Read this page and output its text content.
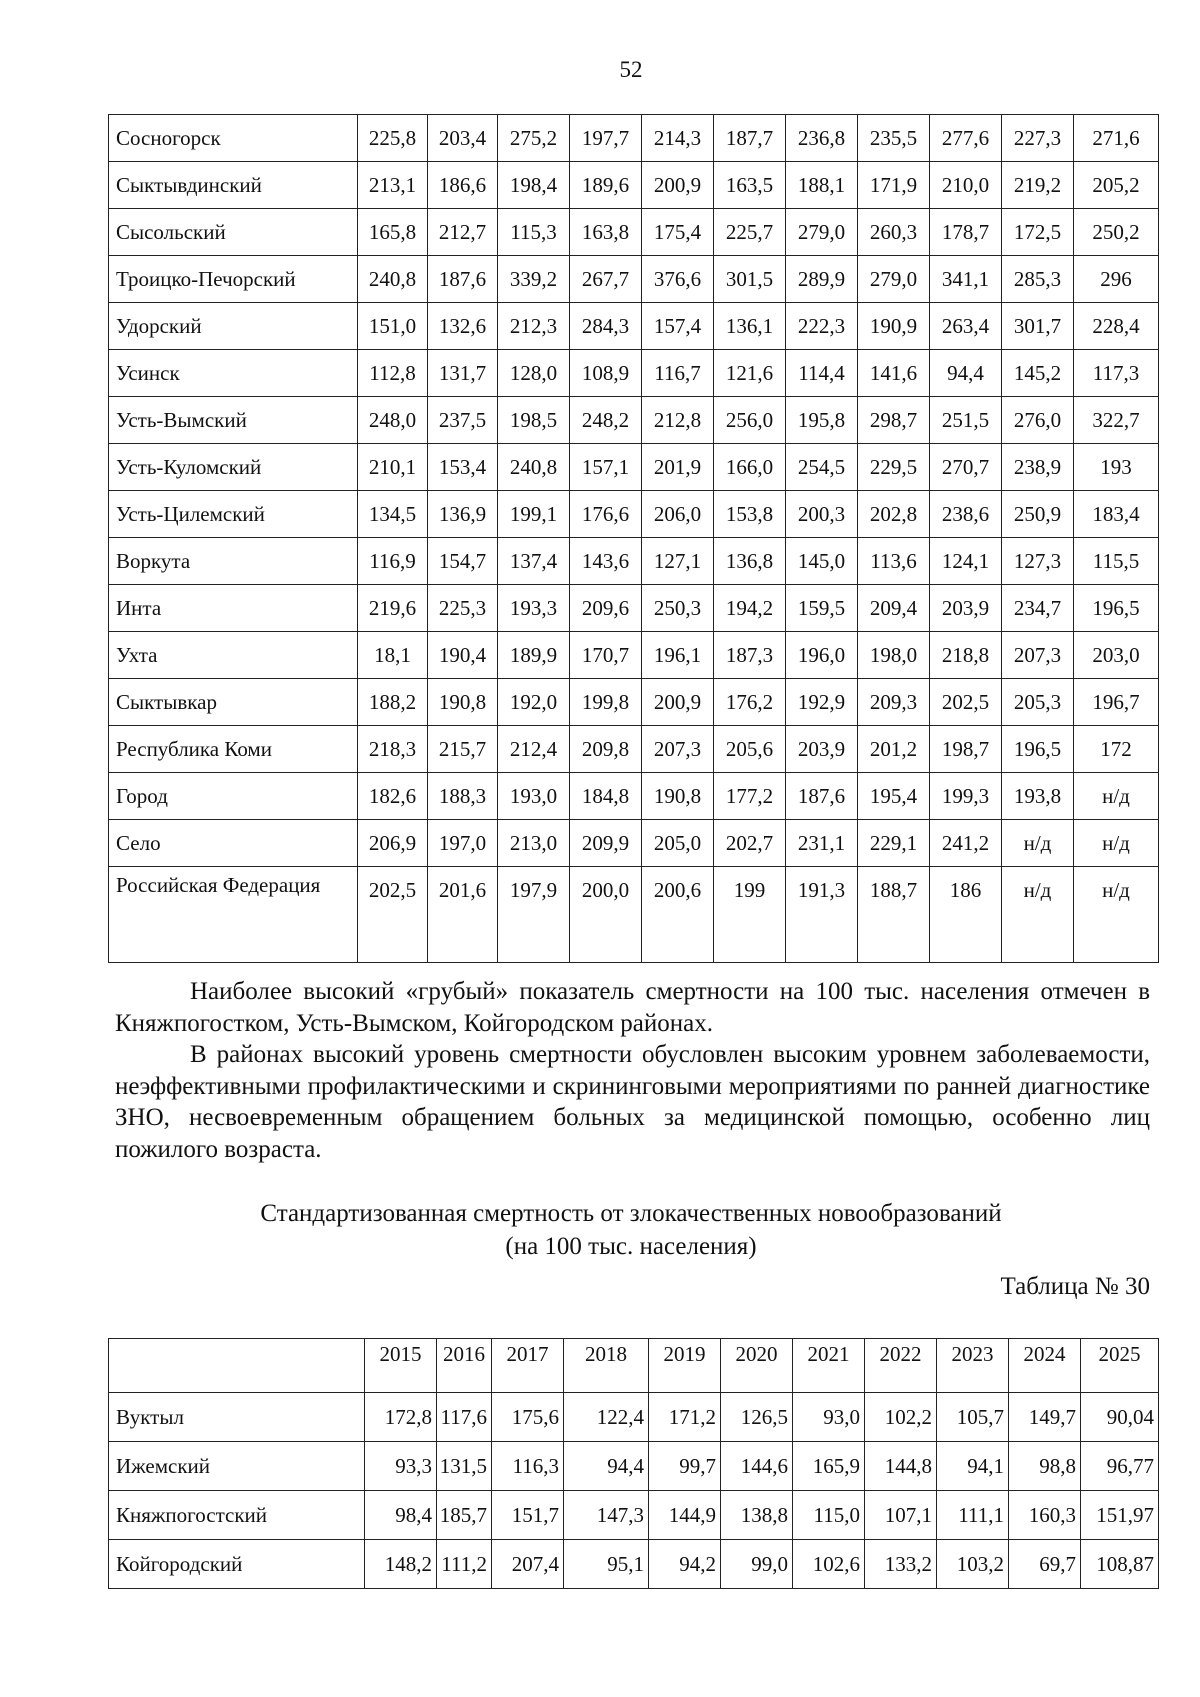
52
Сосногорск	225,8	203,4	275,2	197,7	214,3	187,7	236,8	235,5	277,6	227,3	271,6
Сыктывдинский	213,1	186,6	198,4	189,6	200,9	163,5	188,1	171,9	210,0	219,2	205,2
Сысольский	165,8	212,7	115,3	163,8	175,4	225,7	279,0	260,3	178,7	172,5	250,2
Троицко-Печорский	240,8	187,6	339,2	267,7	376,6	301,5	289,9	279,0	341,1	285,3	296
Удорский	151,0	132,6	212,3	284,3	157,4	136,1	222,3	190,9	263,4	301,7	228,4
Усинск	112,8	131,7	128,0	108,9	116,7	121,6	114,4	141,6	94,4	145,2	117,3
Усть-Вымский	248,0	237,5	198,5	248,2	212,8	256,0	195,8	298,7	251,5	276,0	322,7
Усть-Куломский	210,1	153,4	240,8	157,1	201,9	166,0	254,5	229,5	270,7	238,9	193
Усть-Цилемский	134,5	136,9	199,1	176,6	206,0	153,8	200,3	202,8	238,6	250,9	183,4
Воркута	116,9	154,7	137,4	143,6	127,1	136,8	145,0	113,6	124,1	127,3	115,5
Инта	219,6	225,3	193,3	209,6	250,3	194,2	159,5	209,4	203,9	234,7	196,5
Ухта	18,1	190,4	189,9	170,7	196,1	187,3	196,0	198,0	218,8	207,3	203,0
Сыктывкар	188,2	190,8	192,0	199,8	200,9	176,2	192,9	209,3	202,5	205,3	196,7
Республика Коми	218,3	215,7	212,4	209,8	207,3	205,6	203,9	201,2	198,7	196,5	172
Город	182,6	188,3	193,0	184,8	190,8	177,2	187,6	195,4	199,3	193,8	н/д
Село	206,9	197,0	213,0	209,9	205,0	202,7	231,1	229,1	241,2	н/д	н/д
Российская Федерация	202,5	201,6	197,9	200,0	200,6	199	191,3	188,7	186	н/д	н/д
Наиболее высокий «грубый» показатель смертности на 100 тыс. населения отмечен в Княжпогостком, Усть-Вымском, Койгородском районах.
В районах высокий уровень смертности обусловлен высоким уровнем заболеваемости, неэффективными профилактическими и скрининговыми мероприятиями по ранней диагностике ЗНО, несвоевременным обращением больных за медицинской помощью, особенно лиц пожилого возраста.
Стандартизованная смертность от злокачественных новообразований
(на 100 тыс. населения)
Таблица № 30
	2015	2016	2017	2018	2019	2020	2021	2022	2023	2024	2025
Вуктыл	172,8	117,6	175,6	122,4	171,2	126,5	93,0	102,2	105,7	149,7	90,04
Ижемский	93,3	131,5	116,3	94,4	99,7	144,6	165,9	144,8	94,1	98,8	96,77
Княжпогостский	98,4	185,7	151,7	147,3	144,9	138,8	115,0	107,1	111,1	160,3	151,97
Койгородский	148,2	111,2	207,4	95,1	94,2	99,0	102,6	133,2	103,2	69,7	108,87
